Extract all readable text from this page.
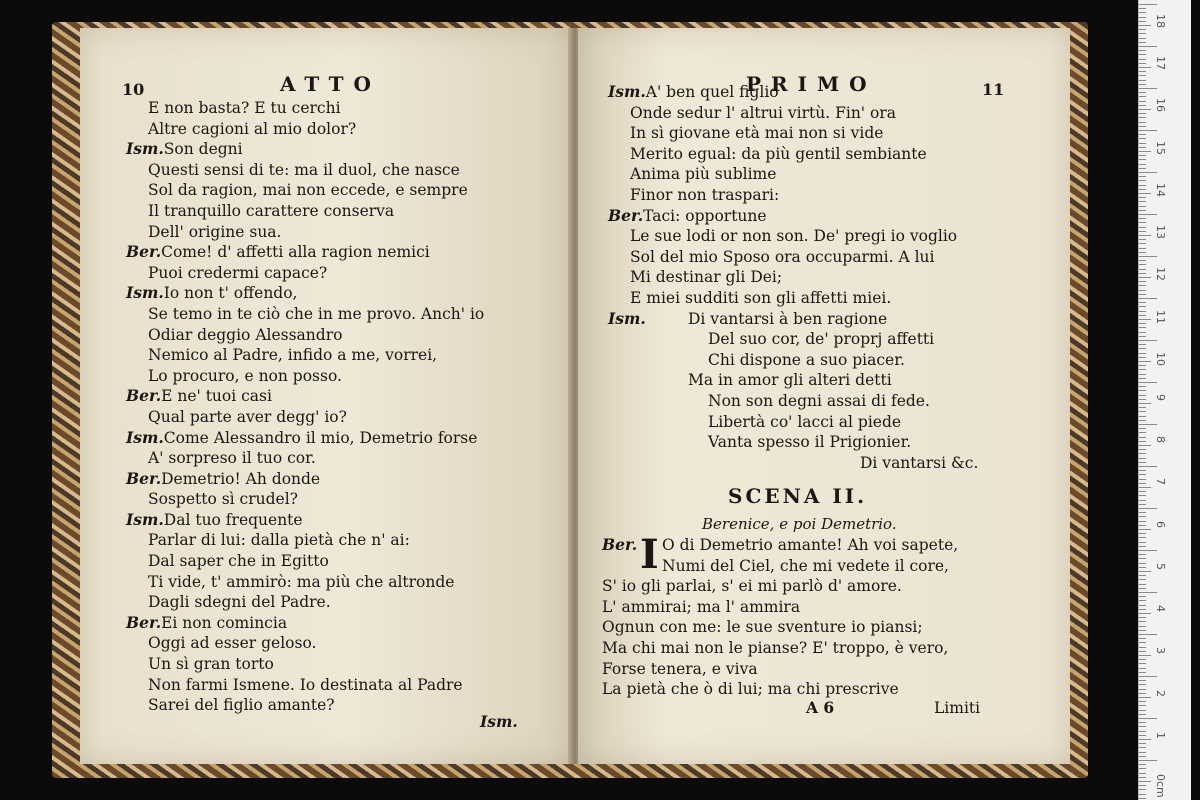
10	ATTO
E non basta? E tu cerchi
Altre cagioni al mio dolor?
Ism.Son degni
Questi sensi di te: ma il duol, che nasce
Sol da ragion, mai non eccede, e sempre
Il tranquillo carattere conserva
Dell' origine sua.
Ber.Come! d' affetti alla ragion nemici
Puoi credermi capace?
Ism.Io non t' offendo,
Se temo in te ciò che in me provo. Anch' io
Odiar deggio Alessandro
Nemico al Padre, infido a me, vorrei,
Lo procuro, e non posso.
Ber.E ne' tuoi casi
Qual parte aver degg' io?
Ism.Come Alessandro il mio, Demetrio forse
A' sorpreso il tuo cor.
Ber.Demetrio! Ah donde
Sospetto sì crudel?
Ism.Dal tuo frequente
Parlar di lui: dalla pietà che n' ai:
Dal saper che in Egitto
Ti vide, t' ammirò: ma più che altronde
Dagli sdegni del Padre.
Ber.Ei non comincia
Oggi ad esser geloso.
Un sì gran torto
Non farmi Ismene. Io destinata al Padre
Sarei del figlio amante?
Ism.
PRIMO	11
Ism.A' ben quel figlio
Onde sedur l' altrui virtù. Fin' ora
In sì giovane età mai non si vide
Merito egual: da più gentil sembiante
Anima più sublime
Finor non traspari:
Ber.Taci: opportune
Le sue lodi or non son. De' pregi io voglio
Sol del mio Sposo ora occuparmi. A lui
Mi destinar gli Dei;
E miei sudditi son gli affetti miei.
Ism.	Di vantarsi à ben ragione
Del suo cor, de' proprj affetti
Chi dispone a suo piacer.
Ma in amor gli alteri detti
Non son degni assai di fede.
Libertà co' lacci al piede
Vanta spesso il Prigionier.
Di vantarsi &c.
SCENA II.
Berenice, e poi Demetrio.
Ber. I O di Demetrio amante! Ah voi sapete,
Numi del Ciel, che mi vedete il core,
S' io gli parlai, s' ei mi parlò d' amore.
L' ammirai; ma l' ammira
Ognun con me: le sue sventure io piansi;
Ma chi mai non le pianse? E' troppo, è vero,
Forse tenera, e viva
La pietà che ò di lui; ma chi prescrive
A 6	Limiti
18
17
16
15
14
13
12
11
10
9
8
7
6
5
4
3
2
1
0cm
